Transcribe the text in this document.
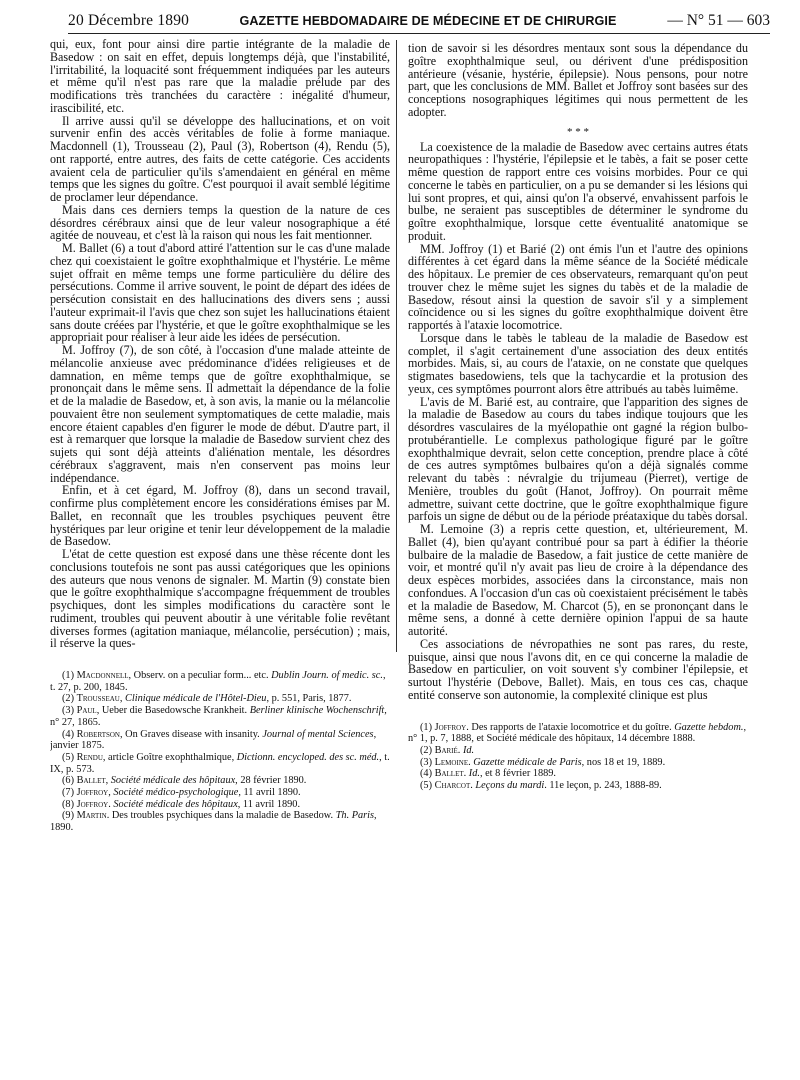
20 Décembre 1890	GAZETTE HEBDOMADAIRE DE MÉDECINE ET DE CHIRURGIE	— N° 51 — 603

qui, eux, font pour ainsi dire partie intégrante de la maladie de Basedow : on sait en effet, depuis longtemps déjà, que l'instabilité, l'irritabilité, la loquacité sont fréquemment indiquées par les auteurs et même qu'il n'est pas rare que la maladie prélude par des modifications très tranchées du caractère : inégalité d'humeur, irascibilité, etc.

Il arrive aussi qu'il se développe des hallucinations, et on voit survenir enfin des accès véritables de folie à forme maniaque. Macdonnell (1), Trousseau (2), Paul (3), Robertson (4), Rendu (5), ont rapporté, entre autres, des faits de cette catégorie. Ces accidents avaient cela de particulier qu'ils s'amendaient en général en même temps que les signes du goître. C'est pourquoi il avait semblé légitime de proclamer leur dépendance.

Mais dans ces derniers temps la question de la nature de ces désordres cérébraux ainsi que de leur valeur nosographique a été agitée de nouveau, et c'est là la raison qui nous les fait mentionner.

M. Ballet (6) a tout d'abord attiré l'attention sur le cas d'une malade chez qui coexistaient le goître exophthalmique et l'hystérie. Le même sujet offrait en même temps une forme particulière du délire des persécutions. Comme il arrive souvent, le point de départ des idées de persécution consistait en des hallucinations des divers sens ; aussi l'auteur exprimait-il l'avis que chez son sujet les hallucinations étaient sans doute créées par l'hystérie, et que le goître exophthalmique se les appropriait pour réaliser à leur aide les idées de persécution.

M. Joffroy (7), de son côté, à l'occasion d'une malade atteinte de mélancolie anxieuse avec prédominance d'idées religieuses et de damnation, en même temps que de goître exophthalmique, se prononçait dans le même sens. Il admettait la dépendance de la folie et de la maladie de Basedow, et, à son avis, la manie ou la mélancolie pouvaient être non seulement symptomatiques de cette maladie, mais encore étaient capables d'en figurer le mode de début. D'autre part, il est à remarquer que lorsque la maladie de Basedow survient chez des sujets qui sont déjà atteints d'aliénation mentale, les désordres cérébraux s'aggravent, mais n'en conservent pas moins leur indépendance.

Enfin, et à cet égard, M. Joffroy (8), dans un second travail, confirme plus complètement encore les considérations émises par M. Ballet, en reconnaît que les troubles psychiques peuvent être hystériques par leur origine et tenir leur développement de la maladie de Basedow.

L'état de cette question est exposé dans une thèse récente dont les conclusions toutefois ne sont pas aussi catégoriques que les opinions des auteurs que nous venons de signaler. M. Martin (9) constate bien que le goître exophthalmique s'accompagne fréquemment de troubles psychiques, dont les simples modifications du caractère sont le rudiment, troubles qui peuvent aboutir à une véritable folie revêtant diverses formes (agitation maniaque, mélancolie, persécution) ; mais, il réserve la ques-

(1) Macdonnell, Observ. on a peculiar form... etc. Dublin Journ. of medic. sc., t. 27, p. 200, 1845.

(2) Trousseau, Clinique médicale de l'Hôtel-Dieu, p. 551, Paris, 1877.

(3) Paul, Ueber die Basedowsche Krankheit. Berliner klinische Wochenschrift, n° 27, 1865.

(4) Robertson, On Graves disease with insanity. Journal of mental Sciences, janvier 1875.

(5) Rendu, article Goître exophthalmique, Dictionn. encycloped. des sc. méd., t. IX, p. 573.

(6) Ballet, Société médicale des hôpitaux, 28 février 1890.

(7) Joffroy, Société médico-psychologique, 11 avril 1890.

(8) Joffroy. Société médicale des hôpitaux, 11 avril 1890.

(9) Martin. Des troubles psychiques dans la maladie de Basedow. Th. Paris, 1890.

tion de savoir si les désordres mentaux sont sous la dépendance du goître exophthalmique seul, ou dérivent d'une prédisposition antérieure (vésanie, hystérie, épilepsie). Nous pensons, pour notre part, que les conclusions de MM. Ballet et Joffroy sont basées sur des conceptions nosographiques légitimes qui nous permettent de les adopter.

* * *

La coexistence de la maladie de Basedow avec certains autres états neuropathiques : l'hystérie, l'épilepsie et le tabès, a fait se poser cette même question de rapport entre ces voisins morbides. Pour ce qui concerne le tabès en particulier, on a pu se demander si les lésions qui lui sont propres, et qui, ainsi qu'on l'a observé, envahissent parfois le bulbe, ne seraient pas susceptibles de déterminer le syndrome du goître exophthalmique, lorsque cette éventualité anatomique se produit.

MM. Joffroy (1) et Barié (2) ont émis l'un et l'autre des opinions différentes à cet égard dans la même séance de la Société médicale des hôpitaux. Le premier de ces observateurs, remarquant qu'on peut trouver chez le même sujet les signes du tabès et de la maladie de Basedow, résout ainsi la question de savoir s'il y a simplement coïncidence ou si les signes du goître exophthalmique doivent être rapportés à l'ataxie locomotrice.

Lorsque dans le tabès le tableau de la maladie de Basedow est complet, il s'agit certainement d'une association des deux entités morbides. Mais, si, au cours de l'ataxie, on ne constate que quelques stigmates basedowiens, tels que la tachycardie et la protusion des yeux, ces symptômes pourront alors être attribués au tabès luimême.

L'avis de M. Barié est, au contraire, que l'apparition des signes de la maladie de Basedow au cours du tabes indique toujours que les désordres vasculaires de la myélopathie ont gagné la région bulbo-protubérantielle. Le complexus pathologique figuré par le goître exophthalmique devrait, selon cette conception, prendre place à côté de ces autres symptômes bulbaires qu'on a déjà signalés comme relevant du tabès : névralgie du trijumeau (Pierret), vertige de Menière, troubles du goût (Hanot, Joffroy). On pourrait même admettre, suivant cette doctrine, que le goître exophthalmique figure parfois un signe de début ou de la période préataxique du tabès dorsal.

M. Lemoine (3) a repris cette question, et, ultérieurement, M. Ballet (4), bien qu'ayant contribué pour sa part à édifier la théorie bulbaire de la maladie de Basedow, a fait justice de cette manière de voir, et montré qu'il n'y avait pas lieu de croire à la dépendance des deux espèces morbides, associées dans la circonstance, mais non confondues. A l'occasion d'un cas où coexistaient précisément le tabès et la maladie de Basedow, M. Charcot (5), en se prononçant dans le même sens, a donné à cette dernière opinion l'appui de sa haute autorité.

Ces associations de névropathies ne sont pas rares, du reste, puisque, ainsi que nous l'avons dit, en ce qui concerne la maladie de Basedow en particulier, on voit souvent s'y combiner l'épilepsie, et surtout l'hystérie (Debove, Ballet). Mais, en tous ces cas, chaque entité conserve son autonomie, la complexité clinique est plus

(1) Joffroy. Des rapports de l'ataxie locomotrice et du goître. Gazette hebdom., n° 1, p. 7, 1888, et Société médicale des hôpitaux, 14 décembre 1888.

(2) Barié. Id.

(3) Lemoine. Gazette médicale de Paris, nos 18 et 19, 1889.

(4) Ballet. Id., et 8 février 1889.

(5) Charcot. Leçons du mardi. 11e leçon, p. 243, 1888-89.
